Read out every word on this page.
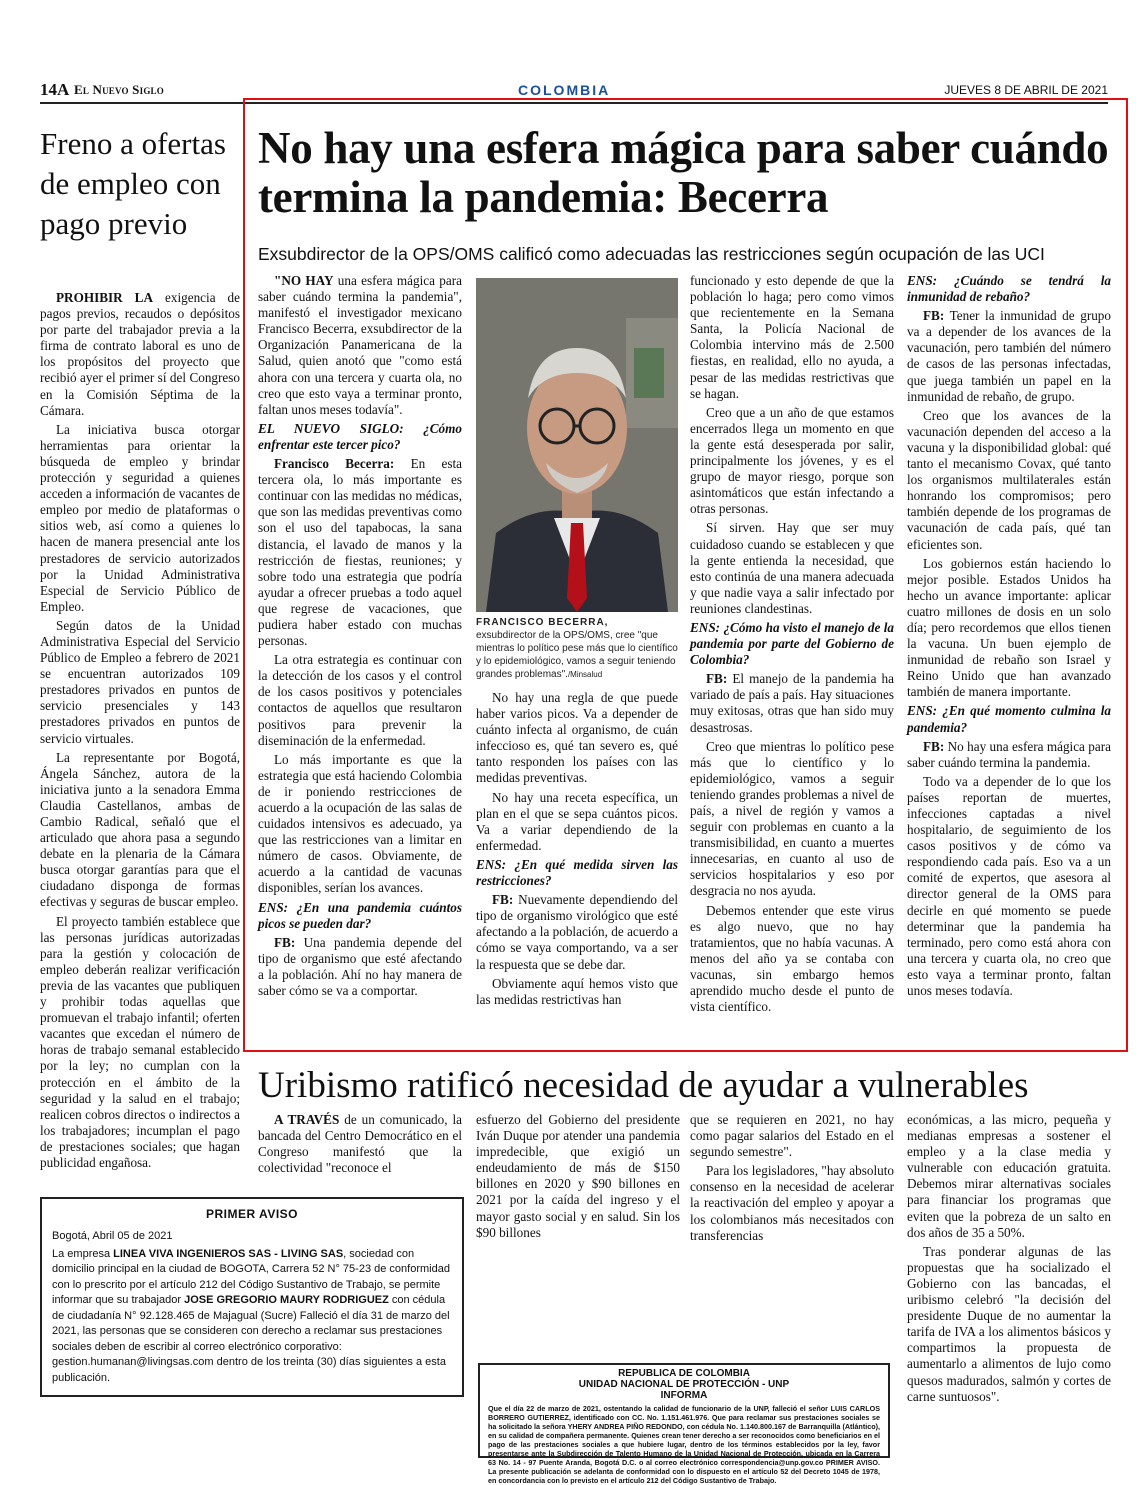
14A El Nuevo Siglo	COLOMBIA	JUEVES 8 DE ABRIL DE 2021
Freno a ofertas de empleo con pago previo

PROHIBIR LA exigencia de pagos previos, recaudos o depósitos por parte del trabajador previa a la firma de contrato laboral es uno de los propósitos del proyecto que recibió ayer el primer sí del Congreso en la Comisión Séptima de la Cámara.

La iniciativa busca otorgar herramientas para orientar la búsqueda de empleo y brindar protección y seguridad a quienes acceden a información de vacantes de empleo por medio de plataformas o sitios web, así como a quienes lo hacen de manera presencial ante los prestadores de servicio autorizados por la Unidad Administrativa Especial de Servicio Público de Empleo.

Según datos de la Unidad Administrativa Especial del Servicio Público de Empleo a febrero de 2021 se encuentran autorizados 109 prestadores privados en puntos de servicio presenciales y 143 prestadores privados en puntos de servicio virtuales.

La representante por Bogotá, Ángela Sánchez, autora de la iniciativa junto a la senadora Emma Claudia Castellanos, ambas de Cambio Radical, señaló que el articulado que ahora pasa a segundo debate en la plenaria de la Cámara busca otorgar garantías para que el ciudadano disponga de formas efectivas y seguras de buscar empleo.

El proyecto también establece que las personas jurídicas autorizadas para la gestión y colocación de empleo deberán realizar verificación previa de las vacantes que publiquen y prohibir todas aquellas que promuevan el trabajo infantil; oferten vacantes que excedan el número de horas de trabajo semanal establecido por la ley; no cumplan con la protección en el ámbito de la seguridad y la salud en el trabajo; realicen cobros directos o indirectos a los trabajadores; incumplan el pago de prestaciones sociales; que hagan publicidad engañosa.

No hay una esfera mágica para saber cuándo termina la pandemia: Becerra
Exsubdirector de la OPS/OMS calificó como adecuadas las restricciones según ocupación de las UCI

"NO HAY una esfera mágica para saber cuándo termina la pandemia", manifestó el investigador mexicano Francisco Becerra, exsubdirector de la Organización Panamericana de la Salud, quien anotó que "como está ahora con una tercera y cuarta ola, no creo que esto vaya a terminar pronto, faltan unos meses todavía".

EL NUEVO SIGLO: ¿Cómo enfrentar este tercer pico?

Francisco Becerra: En esta tercera ola, lo más importante es continuar con las medidas no médicas, que son las medidas preventivas como son el uso del tapabocas, la sana distancia, el lavado de manos y la restricción de fiestas, reuniones; y sobre todo una estrategia que podría ayudar a ofrecer pruebas a todo aquel que regrese de vacaciones, que pudiera haber estado con muchas personas.

La otra estrategia es continuar con la detección de los casos y el control de los casos positivos y potenciales contactos de aquellos que resultaron positivos para prevenir la diseminación de la enfermedad.

Lo más importante es que la estrategia que está haciendo Colombia de ir poniendo restricciones de acuerdo a la ocupación de las salas de cuidados intensivos es adecuado, ya que las restricciones van a limitar en número de casos. Obviamente, de acuerdo a la cantidad de vacunas disponibles, serían los avances.

ENS: ¿En una pandemia cuántos picos se pueden dar?

FB: Una pandemia depende del tipo de organismo que esté afectando a la población. Ahí no hay manera de saber cómo se va a comportar.

FRANCISCO BECERRA,
exsubdirector de la OPS/OMS, cree "que mientras lo político pese más que lo científico y lo epidemiológico, vamos a seguir teniendo grandes problemas"./Minsalud

No hay una regla de que puede haber varios picos. Va a depender de cuánto infecta al organismo, de cuán infeccioso es, qué tan severo es, qué tanto responden los países con las medidas preventivas.

No hay una receta específica, un plan en el que se sepa cuántos picos. Va a variar dependiendo de la enfermedad.

ENS: ¿En qué medida sirven las restricciones?

FB: Nuevamente dependiendo del tipo de organismo virológico que esté afectando a la población, de acuerdo a cómo se vaya comportando, va a ser la respuesta que se debe dar.

Obviamente aquí hemos visto que las medidas restrictivas han

funcionado y esto depende de que la población lo haga; pero como vimos que recientemente en la Semana Santa, la Policía Nacional de Colombia intervino más de 2.500 fiestas, en realidad, ello no ayuda, a pesar de las medidas restrictivas que se hagan.

Creo que a un año de que estamos encerrados llega un momento en que la gente está desesperada por salir, principalmente los jóvenes, y es el grupo de mayor riesgo, porque son asintomáticos que están infectando a otras personas.

Sí sirven. Hay que ser muy cuidadoso cuando se establecen y que la gente entienda la necesidad, que esto continúa de una manera adecuada y que nadie vaya a salir infectado por reuniones clandestinas.

ENS: ¿Cómo ha visto el manejo de la pandemia por parte del Gobierno de Colombia?

FB: El manejo de la pandemia ha variado de país a país. Hay situaciones muy exitosas, otras que han sido muy desastrosas.

Creo que mientras lo político pese más que lo científico y lo epidemiológico, vamos a seguir teniendo grandes problemas a nivel de país, a nivel de región y vamos a seguir con problemas en cuanto a la transmisibilidad, en cuanto a muertes innecesarias, en cuanto al uso de servicios hospitalarios y eso por desgracia no nos ayuda.

Debemos entender que este virus es algo nuevo, que no hay tratamientos, que no había vacunas. A menos del año ya se contaba con vacunas, sin embargo hemos aprendido mucho desde el punto de vista científico.

ENS: ¿Cuándo se tendrá la inmunidad de rebaño?

FB: Tener la inmunidad de grupo va a depender de los avances de la vacunación, pero también del número de casos de las personas infectadas, que juega también un papel en la inmunidad de rebaño, de grupo.

Creo que los avances de la vacunación dependen del acceso a la vacuna y la disponibilidad global: qué tanto el mecanismo Covax, qué tanto los organismos multilaterales están honrando los compromisos; pero también depende de los programas de vacunación de cada país, qué tan eficientes son.

Los gobiernos están haciendo lo mejor posible. Estados Unidos ha hecho un avance importante: aplicar cuatro millones de dosis en un solo día; pero recordemos que ellos tienen la vacuna. Un buen ejemplo de inmunidad de rebaño son Israel y Reino Unido que han avanzado también de manera importante.

ENS: ¿En qué momento culmina la pandemia?

FB: No hay una esfera mágica para saber cuándo termina la pandemia.

Todo va a depender de lo que los países reportan de muertes, infecciones captadas a nivel hospitalario, de seguimiento de los casos positivos y de cómo va respondiendo cada país. Eso va a un comité de expertos, que asesora al director general de la OMS para decirle en qué momento se puede determinar que la pandemia ha terminado, pero como está ahora con una tercera y cuarta ola, no creo que esto vaya a terminar pronto, faltan unos meses todavía.

Uribismo ratificó necesidad de ayudar a vulnerables

A TRAVÉS de un comunicado, la bancada del Centro Democrático en el Congreso manifestó que la colectividad "reconoce el

esfuerzo del Gobierno del presidente Iván Duque por atender una pandemia impredecible, que exigió un endeudamiento de más de $150 billones en 2020 y $90 billones en 2021 por la caída del ingreso y el mayor gasto social y en salud. Sin los $90 billones

que se requieren en 2021, no hay como pagar salarios del Estado en el segundo semestre".

Para los legisladores, "hay absoluto consenso en la necesidad de acelerar la reactivación del empleo y apoyar a los colombianos más necesitados con transferencias

económicas, a las micro, pequeña y medianas empresas a sostener el empleo y a la clase media y vulnerable con educación gratuita. Debemos mirar alternativas sociales para financiar los programas que eviten que la pobreza de un salto en dos años de 35 a 50%.

Tras ponderar algunas de las propuestas que ha socializado el Gobierno con las bancadas, el uribismo celebró "la decisión del presidente Duque de no aumentar la tarifa de IVA a los alimentos básicos y compartimos la propuesta de aumentarlo a alimentos de lujo como quesos madurados, salmón y cortes de carne suntuosos".

PRIMER AVISO
Bogotá, Abril 05 de 2021
La empresa LINEA VIVA INGENIEROS SAS - LIVING SAS, sociedad con domicilio principal en la ciudad de BOGOTA, Carrera 52 N° 75-23 de conformidad con lo prescrito por el artículo 212 del Código Sustantivo de Trabajo, se permite informar que su trabajador JOSE GREGORIO MAURY RODRIGUEZ con cédula de ciudadanía N° 92.128.465 de Majagual (Sucre) Falleció el día 31 de marzo del 2021, las personas que se consideren con derecho a reclamar sus prestaciones sociales deben de escribir al correo electrónico corporativo: gestion.humanan@livingsas.com dentro de los treinta (30) días siguientes a esta publicación.	REPUBLICA DE COLOMBIA
UNIDAD NACIONAL DE PROTECCIÓN - UNP
INFORMA
Que el día 22 de marzo de 2021, ostentando la calidad de funcionario de la UNP, falleció el señor LUIS CARLOS BORRERO GUTIERREZ, identificado con CC. No. 1.151.461.976. Que para reclamar sus prestaciones sociales se ha solicitado la señora YHERY ANDREA PIÑO REDONDO, con cédula No. 1.140.800.167 de Barranquilla (Atlántico), en su calidad de compañera permanente. Quienes crean tener derecho a ser reconocidos como beneficiarios en el pago de las prestaciones sociales a que hubiere lugar, dentro de los términos establecidos por la ley, favor presentarse ante la Subdirección de Talento Humano de la Unidad Nacional de Protección, ubicada en la Carrera 63 No. 14 - 97 Puente Aranda, Bogotá D.C. o al correo electrónico correspondencia@unp.gov.co PRIMER AVISO. La presente publicación se adelanta de conformidad con lo dispuesto en el artículo 52 del Decreto 1045 de 1978, en concordancia con lo previsto en el artículo 212 del Código Sustantivo de Trabajo.
